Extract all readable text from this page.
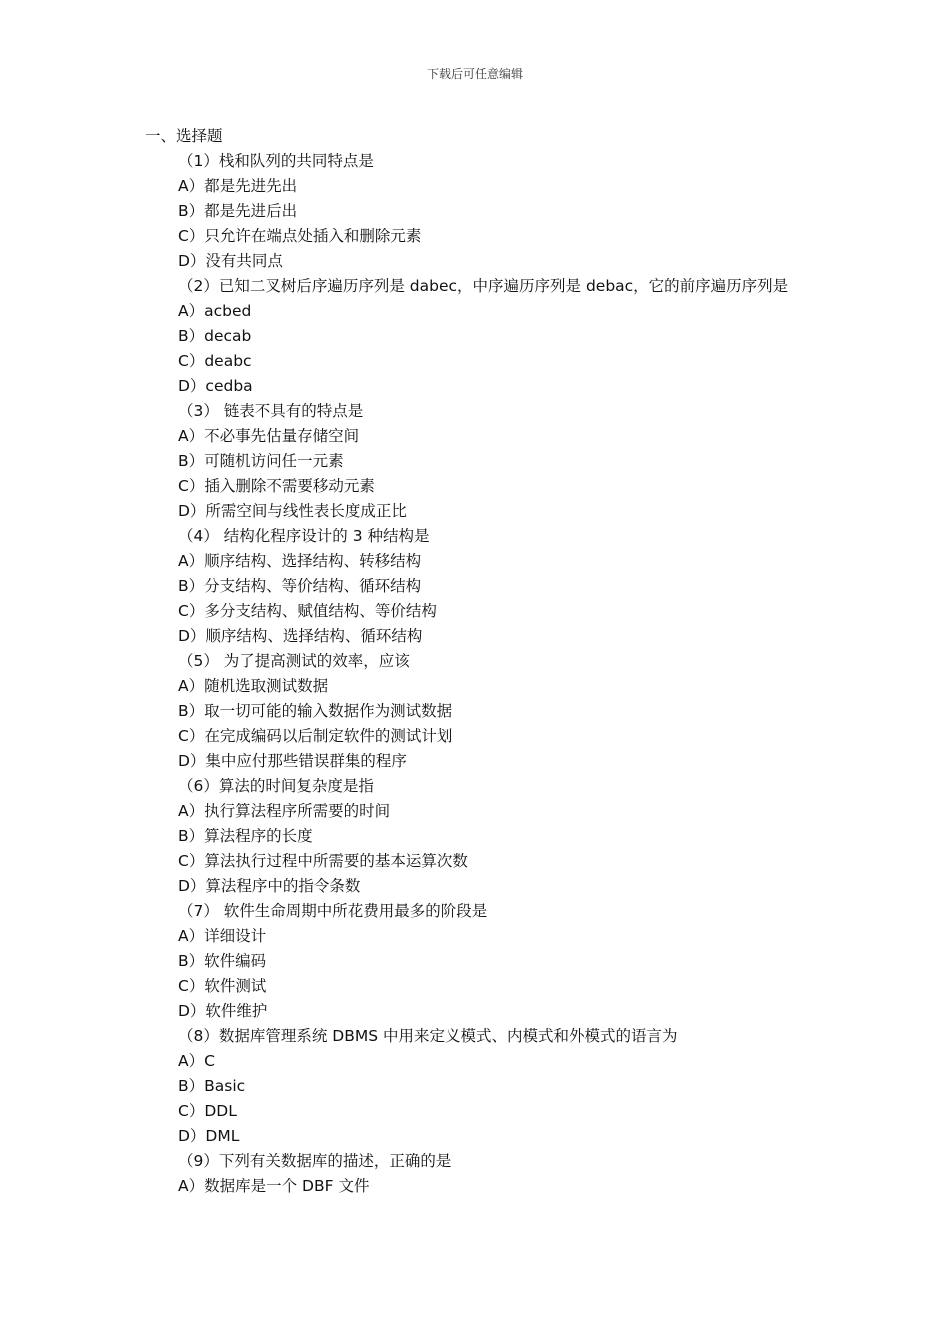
下载后可任意编辑

一、选择题

（1）栈和队列的共同特点是

A）都是先进先出
B）都是先进后出
C）只允许在端点处插入和删除元素
D）没有共同点

（2）已知二叉树后序遍历序列是 dabec，中序遍历序列是 debac，它的前序遍历序列是

A）acbed
B）decab
C）deabc
D）cedba

（3） 链表不具有的特点是

A）不必事先估量存储空间
B）可随机访问任一元素
C）插入删除不需要移动元素
D）所需空间与线性表长度成正比

（4） 结构化程序设计的 3 种结构是

A）顺序结构、选择结构、转移结构
B）分支结构、等价结构、循环结构
C）多分支结构、赋值结构、等价结构
D）顺序结构、选择结构、循环结构

（5） 为了提高测试的效率，应该

A）随机选取测试数据
B）取一切可能的输入数据作为测试数据
C）在完成编码以后制定软件的测试计划
D）集中应付那些错误群集的程序

（6）算法的时间复杂度是指

A）执行算法程序所需要的时间
B）算法程序的长度
C）算法执行过程中所需要的基本运算次数
D）算法程序中的指令条数

（7） 软件生命周期中所花费用最多的阶段是

A）详细设计
B）软件编码
C）软件测试
D）软件维护

（8）数据库管理系统 DBMS 中用来定义模式、内模式和外模式的语言为

A）C
B）Basic
C）DDL
D）DML

（9）下列有关数据库的描述，正确的是

A）数据库是一个 DBF 文件
